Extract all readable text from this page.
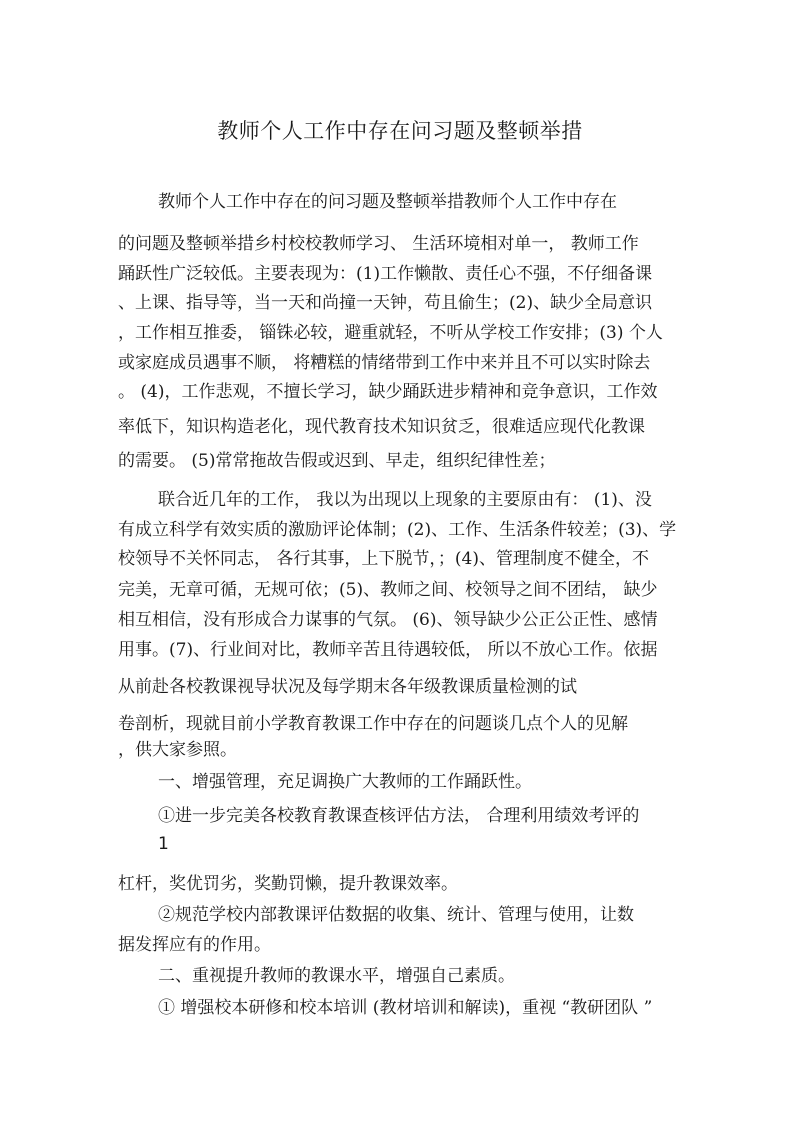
教师个人工作中存在问习题及整顿举措
教师个人工作中存在的问习题及整顿举措教师个人工作中存在
的问题及整顿举措乡村校校教师学习、 生活环境相对单一， 教师工作
踊跃性广泛较低。主要表现为：(1)工作懒散、责任心不强，不仔细备课
、上课、指导等，当一天和尚撞一天钟，苟且偷生；(2)、缺少全局意识
，工作相互推委， 锱铢必较，避重就轻，不听从学校工作安排；(3) 个人
或家庭成员遇事不顺， 将糟糕的情绪带到工作中来并且不可以实时除去
。 (4)，工作悲观，不擅长学习，缺少踊跃进步精神和竞争意识，工作效
率低下，知识构造老化，现代教育技术知识贫乏，很难适应现代化教课
的需要。 (5)常常拖故告假或迟到、早走，组织纪律性差；
联合近几年的工作， 我以为出现以上现象的主要原由有： (1)、没
有成立科学有效实质的激励评论体制；(2)、工作、生活条件较差；(3)、学
校领导不关怀同志， 各行其事，上下脱节，；(4)、管理制度不健全，不
完美，无章可循，无规可依；(5)、教师之间、校领导之间不团结， 缺少
相互相信，没有形成合力谋事的气氛。 (6)、领导缺少公正公正性、感情
用事。(7)、行业间对比，教师辛苦且待遇较低， 所以不放心工作。依据
从前赴各校教课视导状况及每学期末各年级教课质量检测的试
卷剖析，现就目前小学教育教课工作中存在的问题谈几点个人的见解
，供大家参照。
一、增强管理，充足调换广大教师的工作踊跃性。
①进一步完美各校教育教课查核评估方法， 合理利用绩效考评的
1
杠杆，奖优罚劣，奖勤罚懒，提升教课效率。
②规范学校内部教课评估数据的收集、统计、管理与使用，让数
据发挥应有的作用。
二、重视提升教师的教课水平，增强自己素质。
① 增强校本研修和校本培训 (教材培训和解读)，重视 “教研团队 ”
